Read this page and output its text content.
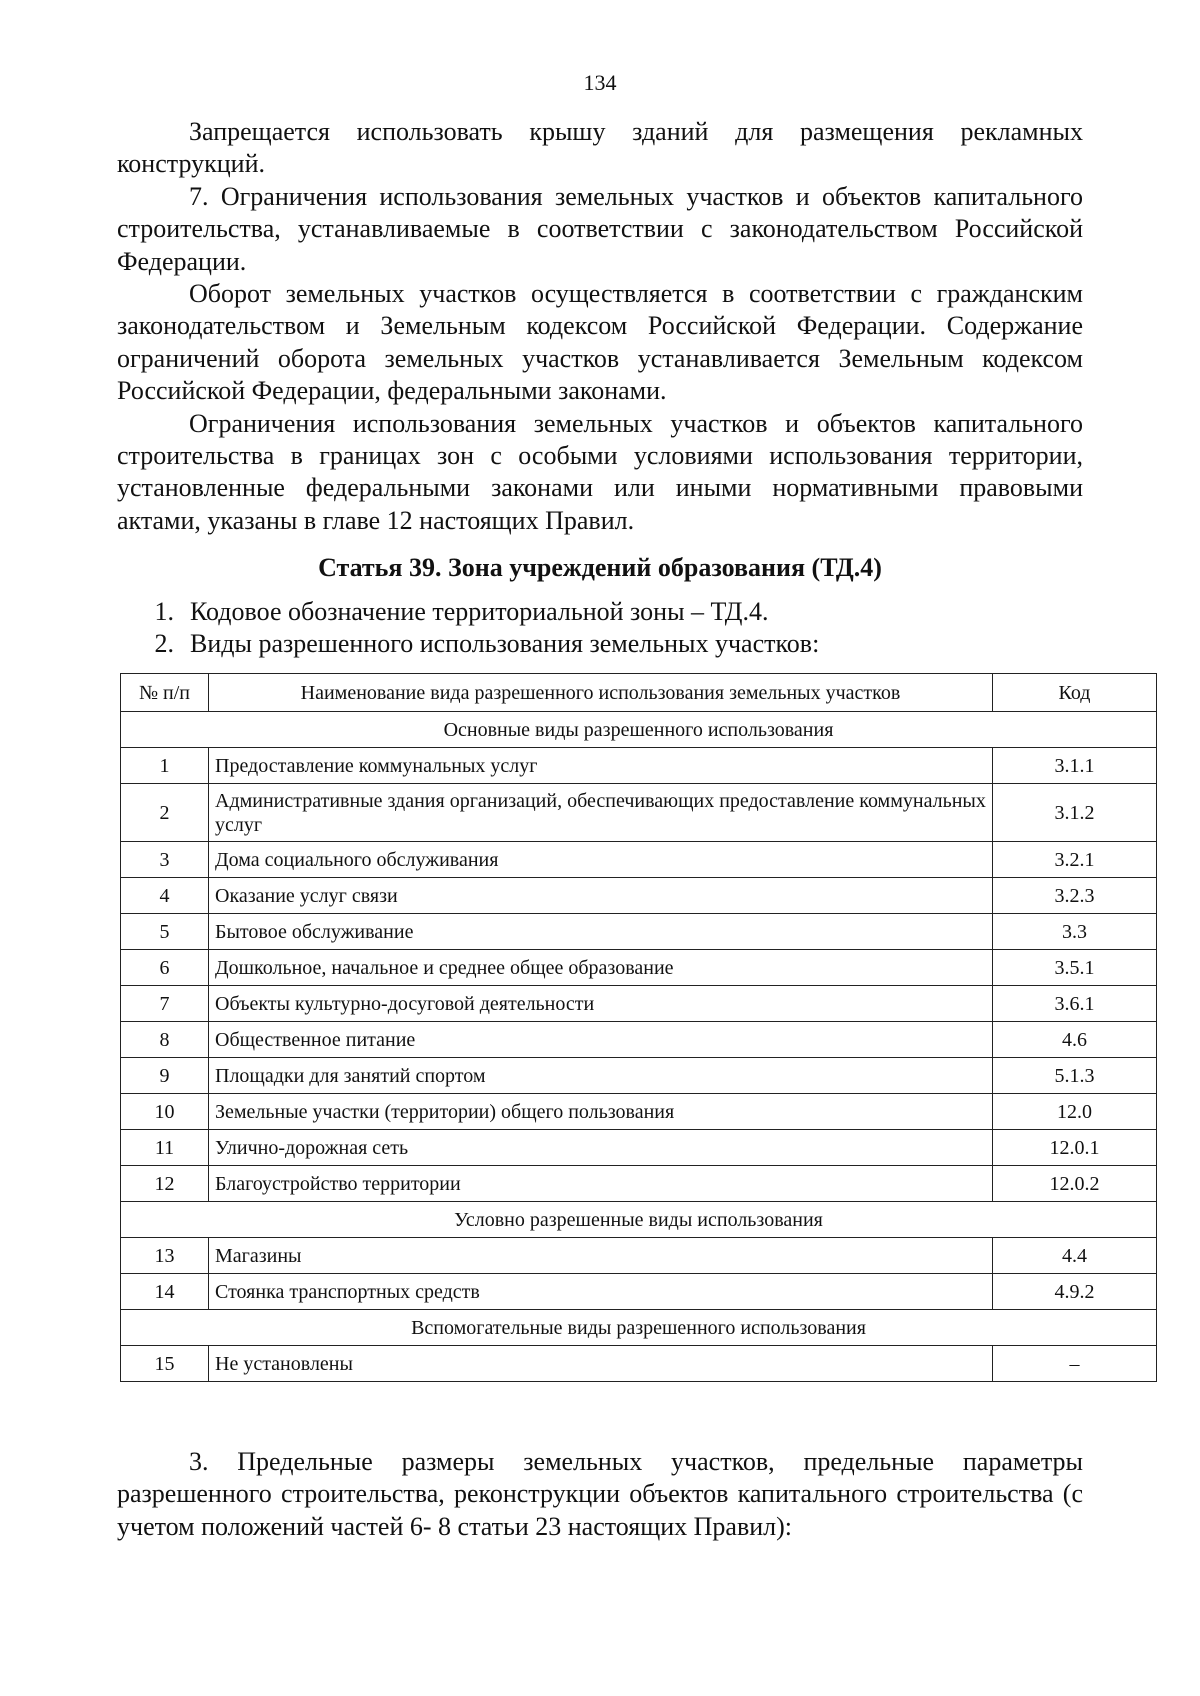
134

Запрещается использовать крышу зданий для размещения рекламных конструкций.

7. Ограничения использования земельных участков и объектов капитального строительства, устанавливаемые в соответствии с законодательством Российской Федерации.

Оборот земельных участков осуществляется в соответствии с гражданским законодательством и Земельным кодексом Российской Федерации. Содержание ограничений оборота земельных участков устанавливается Земельным кодексом Российской Федерации, федеральными законами.

Ограничения использования земельных участков и объектов капитального строительства в границах зон с особыми условиями использования территории, установленные федеральными законами или иными нормативными правовыми актами, указаны в главе 12 настоящих Правил.

Статья 39. Зона учреждений образования (ТД.4)
1. Кодовое обозначение территориальной зоны – ТД.4.
2. Виды разрешенного использования земельных участков:
№ п/п	Наименование вида разрешенного использования земельных участков	Код
Основные виды разрешенного использования		
1	Предоставление коммунальных услуг	3.1.1
2	Административные здания организаций, обеспечивающих предоставление коммунальных услуг	3.1.2
3	Дома социального обслуживания	3.2.1
4	Оказание услуг связи	3.2.3
5	Бытовое обслуживание	3.3
6	Дошкольное, начальное и среднее общее образование	3.5.1
7	Объекты культурно-досуговой деятельности	3.6.1
8	Общественное питание	4.6
9	Площадки для занятий спортом	5.1.3
10	Земельные участки (территории) общего пользования	12.0
11	Улично-дорожная сеть	12.0.1
12	Благоустройство территории	12.0.2
Условно разрешенные виды использования		
13	Магазины	4.4
14	Стоянка транспортных средств	4.9.2
Вспомогательные виды разрешенного использования		
15	Не установлены	–

3. Предельные размеры земельных участков, предельные параметры разрешенного строительства, реконструкции объектов капитального строительства (с учетом положений частей 6- 8 статьи 23 настоящих Правил):
